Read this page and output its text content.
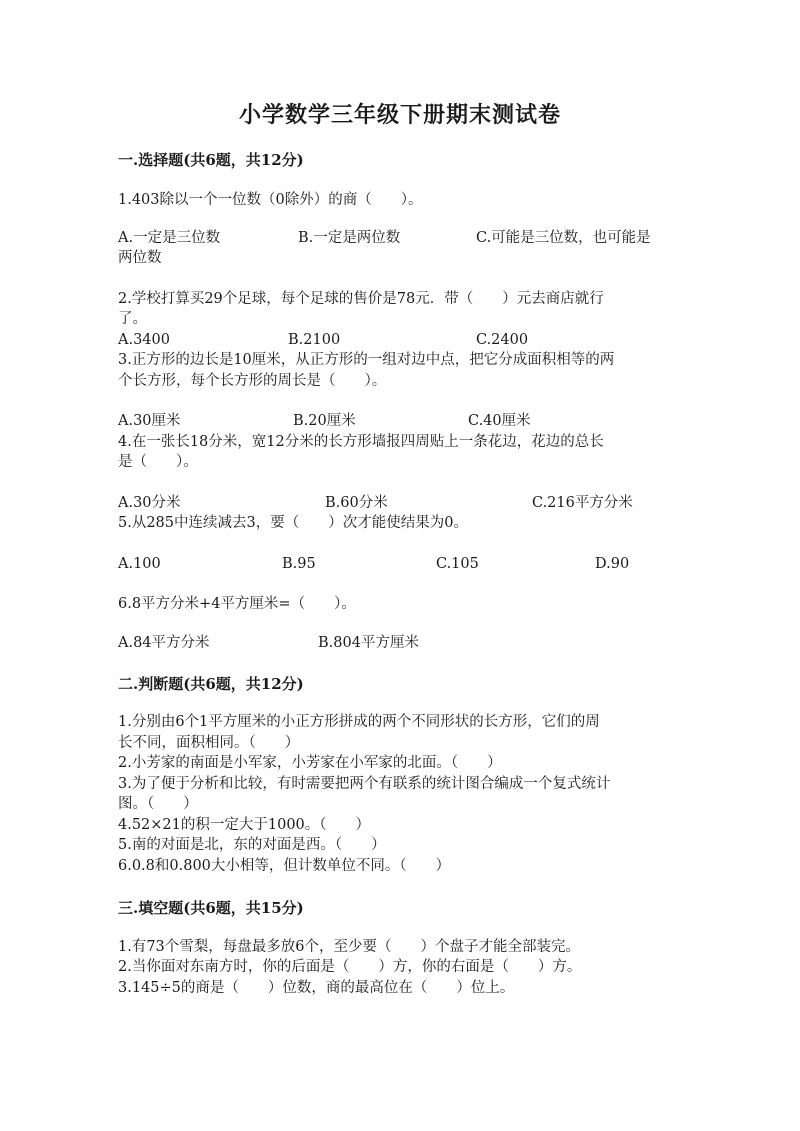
小学数学三年级下册期末测试卷
一.选择题(共6题，共12分)
1.403除以一个一位数（0除外）的商（　　）。
A.一定是三位数	B.一定是两位数	C.可能是三位数，也可能是
两位数
2.学校打算买29个足球，每个足球的售价是78元．带（　　）元去商店就行
了。
A.3400	B.2100	C.2400
3.正方形的边长是10厘米，从正方形的一组对边中点，把它分成面积相等的两
个长方形，每个长方形的周长是（　　）。
A.30厘米	B.20厘米	C.40厘米
4.在一张长18分米，宽12分米的长方形墙报四周贴上一条花边，花边的总长
是（　　）。
A.30分米	B.60分米	C.216平方分米
5.从285中连续减去3，要（　　）次才能使结果为0。
A.100	B.95	C.105	D.90
6.8平方分米+4平方厘米=（　　）。
A.84平方分米	B.804平方厘米
二.判断题(共6题，共12分)
1.分别由6个1平方厘米的小正方形拼成的两个不同形状的长方形，它们的周
长不同，面积相同。（　　）
2.小芳家的南面是小军家，小芳家在小军家的北面。（　　）
3.为了便于分析和比较，有时需要把两个有联系的统计图合编成一个复式统计
图。（　　）
4.52×21的积一定大于1000。（　　）
5.南的对面是北，东的对面是西。（　　）
6.0.8和0.800大小相等，但计数单位不同。（　　）
三.填空题(共6题，共15分)
1.有73个雪梨，每盘最多放6个，至少要（　　）个盘子才能全部装完。
2.当你面对东南方时，你的后面是（　　）方，你的右面是（　　）方。
3.145÷5的商是（　　）位数，商的最高位在（　　）位上。
